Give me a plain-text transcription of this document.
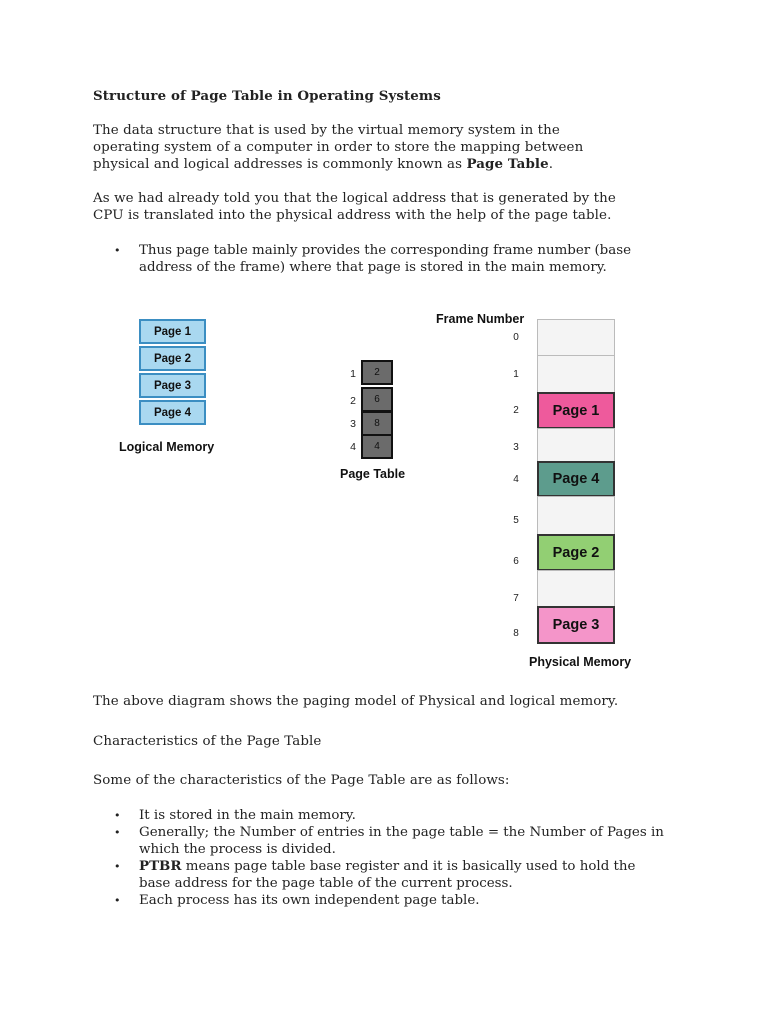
Structure of Page Table in Operating Systems
The data structure that is used by the virtual memory system in the
operating system of a computer in order to store the mapping between
physical and logical addresses is commonly known as Page Table.
As we had already told you that the logical address that is generated by the
CPU is translated into the physical address with the help of the page table.
• Thus page table mainly provides the corresponding frame number (base address of the frame) where that page is stored in the main memory.
Page 1
Page 2
Page 3
Page 4
Logical Memory
1
2
3
4
2
6
8
4
Page Table
Frame Number
0
1
2
3
4
5
6
7
8
Page 1
Page 4
Page 2
Page 3
Physical Memory
The above diagram shows the paging model of Physical and logical memory.
Characteristics of the Page Table
Some of the characteristics of the Page Table are as follows:
• It is stored in the main memory.
• Generally; the Number of entries in the page table = the Number of Pages in which the process is divided.
• PTBR means page table base register and it is basically used to hold the base address for the page table of the current process.
• Each process has its own independent page table.
